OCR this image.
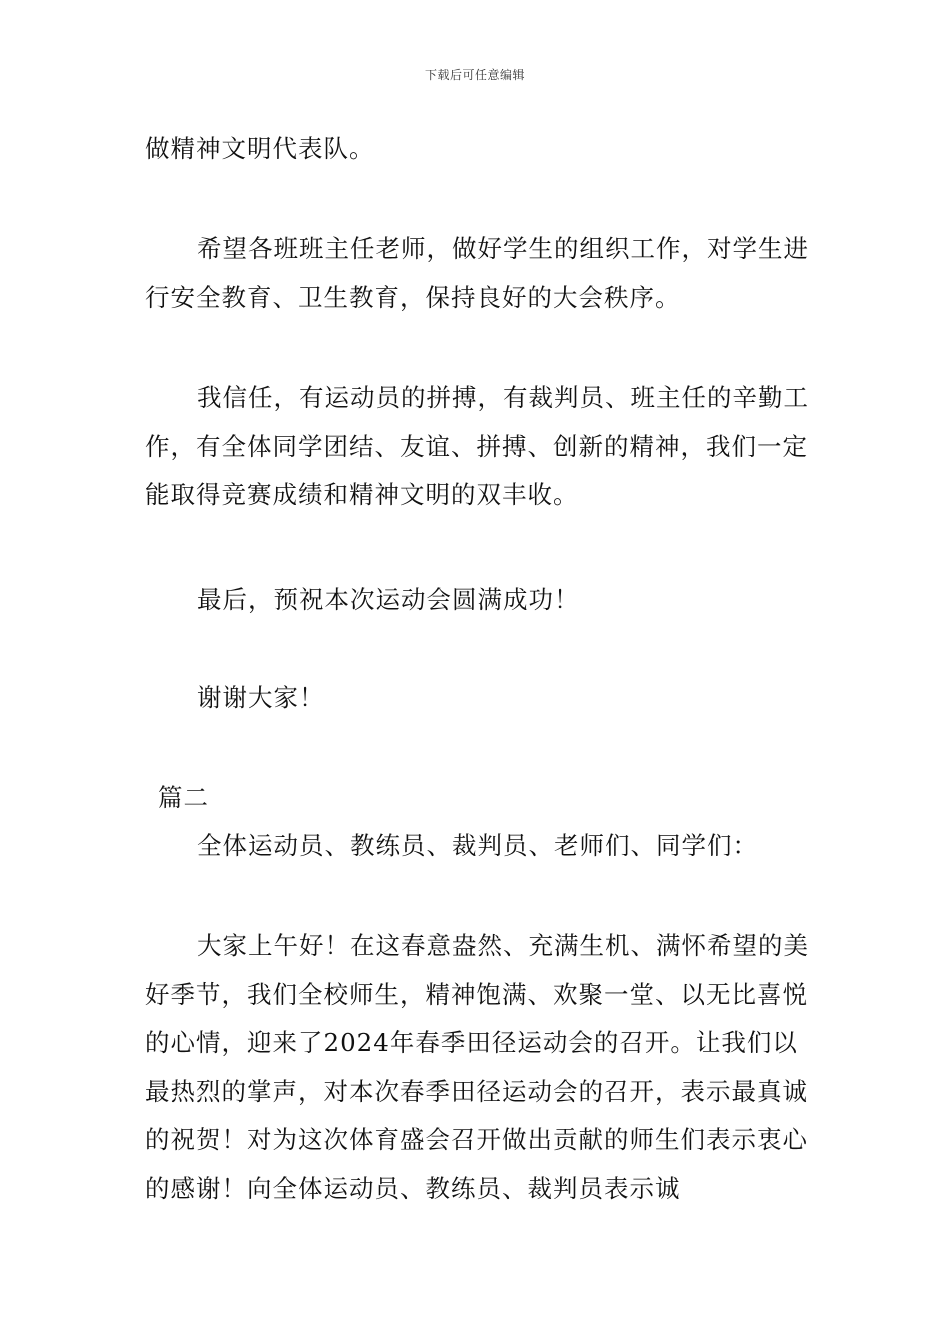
下载后可任意编辑

做精神文明代表队。

希望各班班主任老师，做好学生的组织工作，对学生进行安全教育、卫生教育，保持良好的大会秩序。

我信任，有运动员的拼搏，有裁判员、班主任的辛勤工作，有全体同学团结、友谊、拼搏、创新的精神，我们一定能取得竞赛成绩和精神文明的双丰收。

最后，预祝本次运动会圆满成功！

谢谢大家！

篇二

全体运动员、教练员、裁判员、老师们、同学们：

大家上午好！在这春意盎然、充满生机、满怀希望的美好季节，我们全校师生，精神饱满、欢聚一堂、以无比喜悦的心情，迎来了2024年春季田径运动会的召开。让我们以最热烈的掌声，对本次春季田径运动会的召开，表示最真诚的祝贺！对为这次体育盛会召开做出贡献的师生们表示衷心的感谢！向全体运动员、教练员、裁判员表示诚
